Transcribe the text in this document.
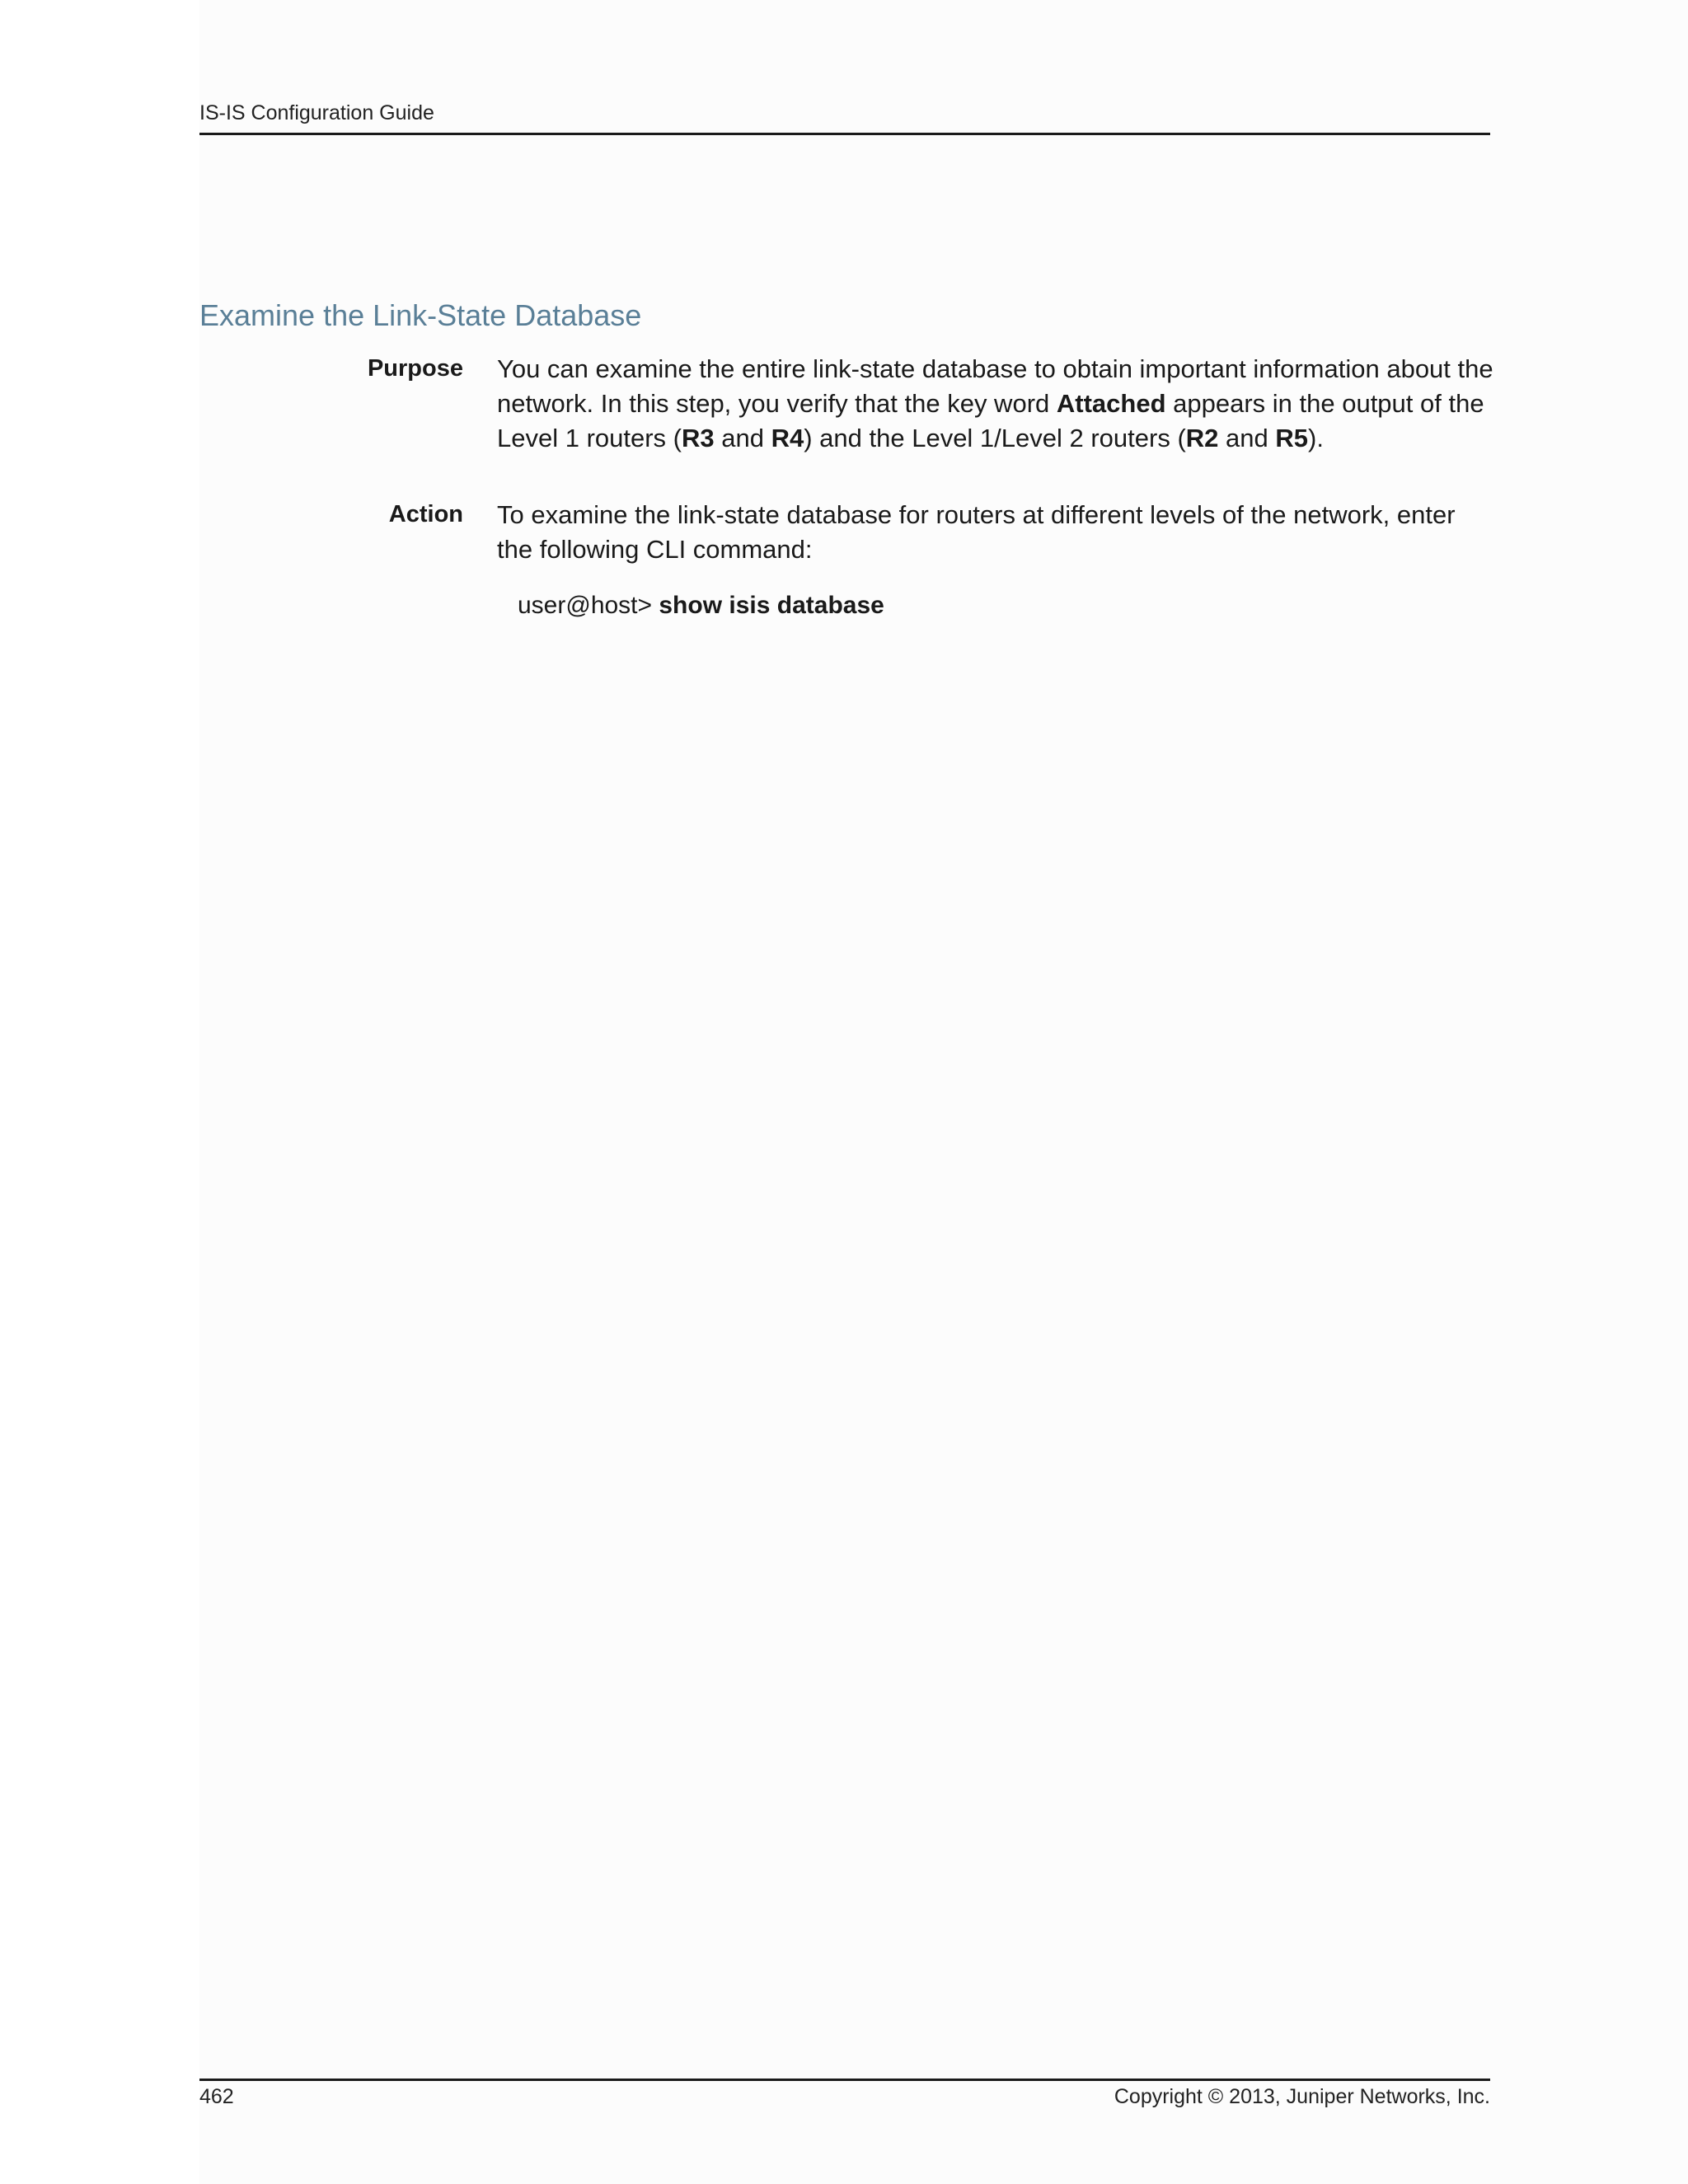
IS-IS Configuration Guide
Examine the Link-State Database
Purpose You can examine the entire link-state database to obtain important information about the network. In this step, you verify that the key word Attached appears in the output of the Level 1 routers (R3 and R4) and the Level 1/Level 2 routers (R2 and R5).
Action To examine the link-state database for routers at different levels of the network, enter the following CLI command:
user@host> show isis database
462	Copyright © 2013, Juniper Networks, Inc.
